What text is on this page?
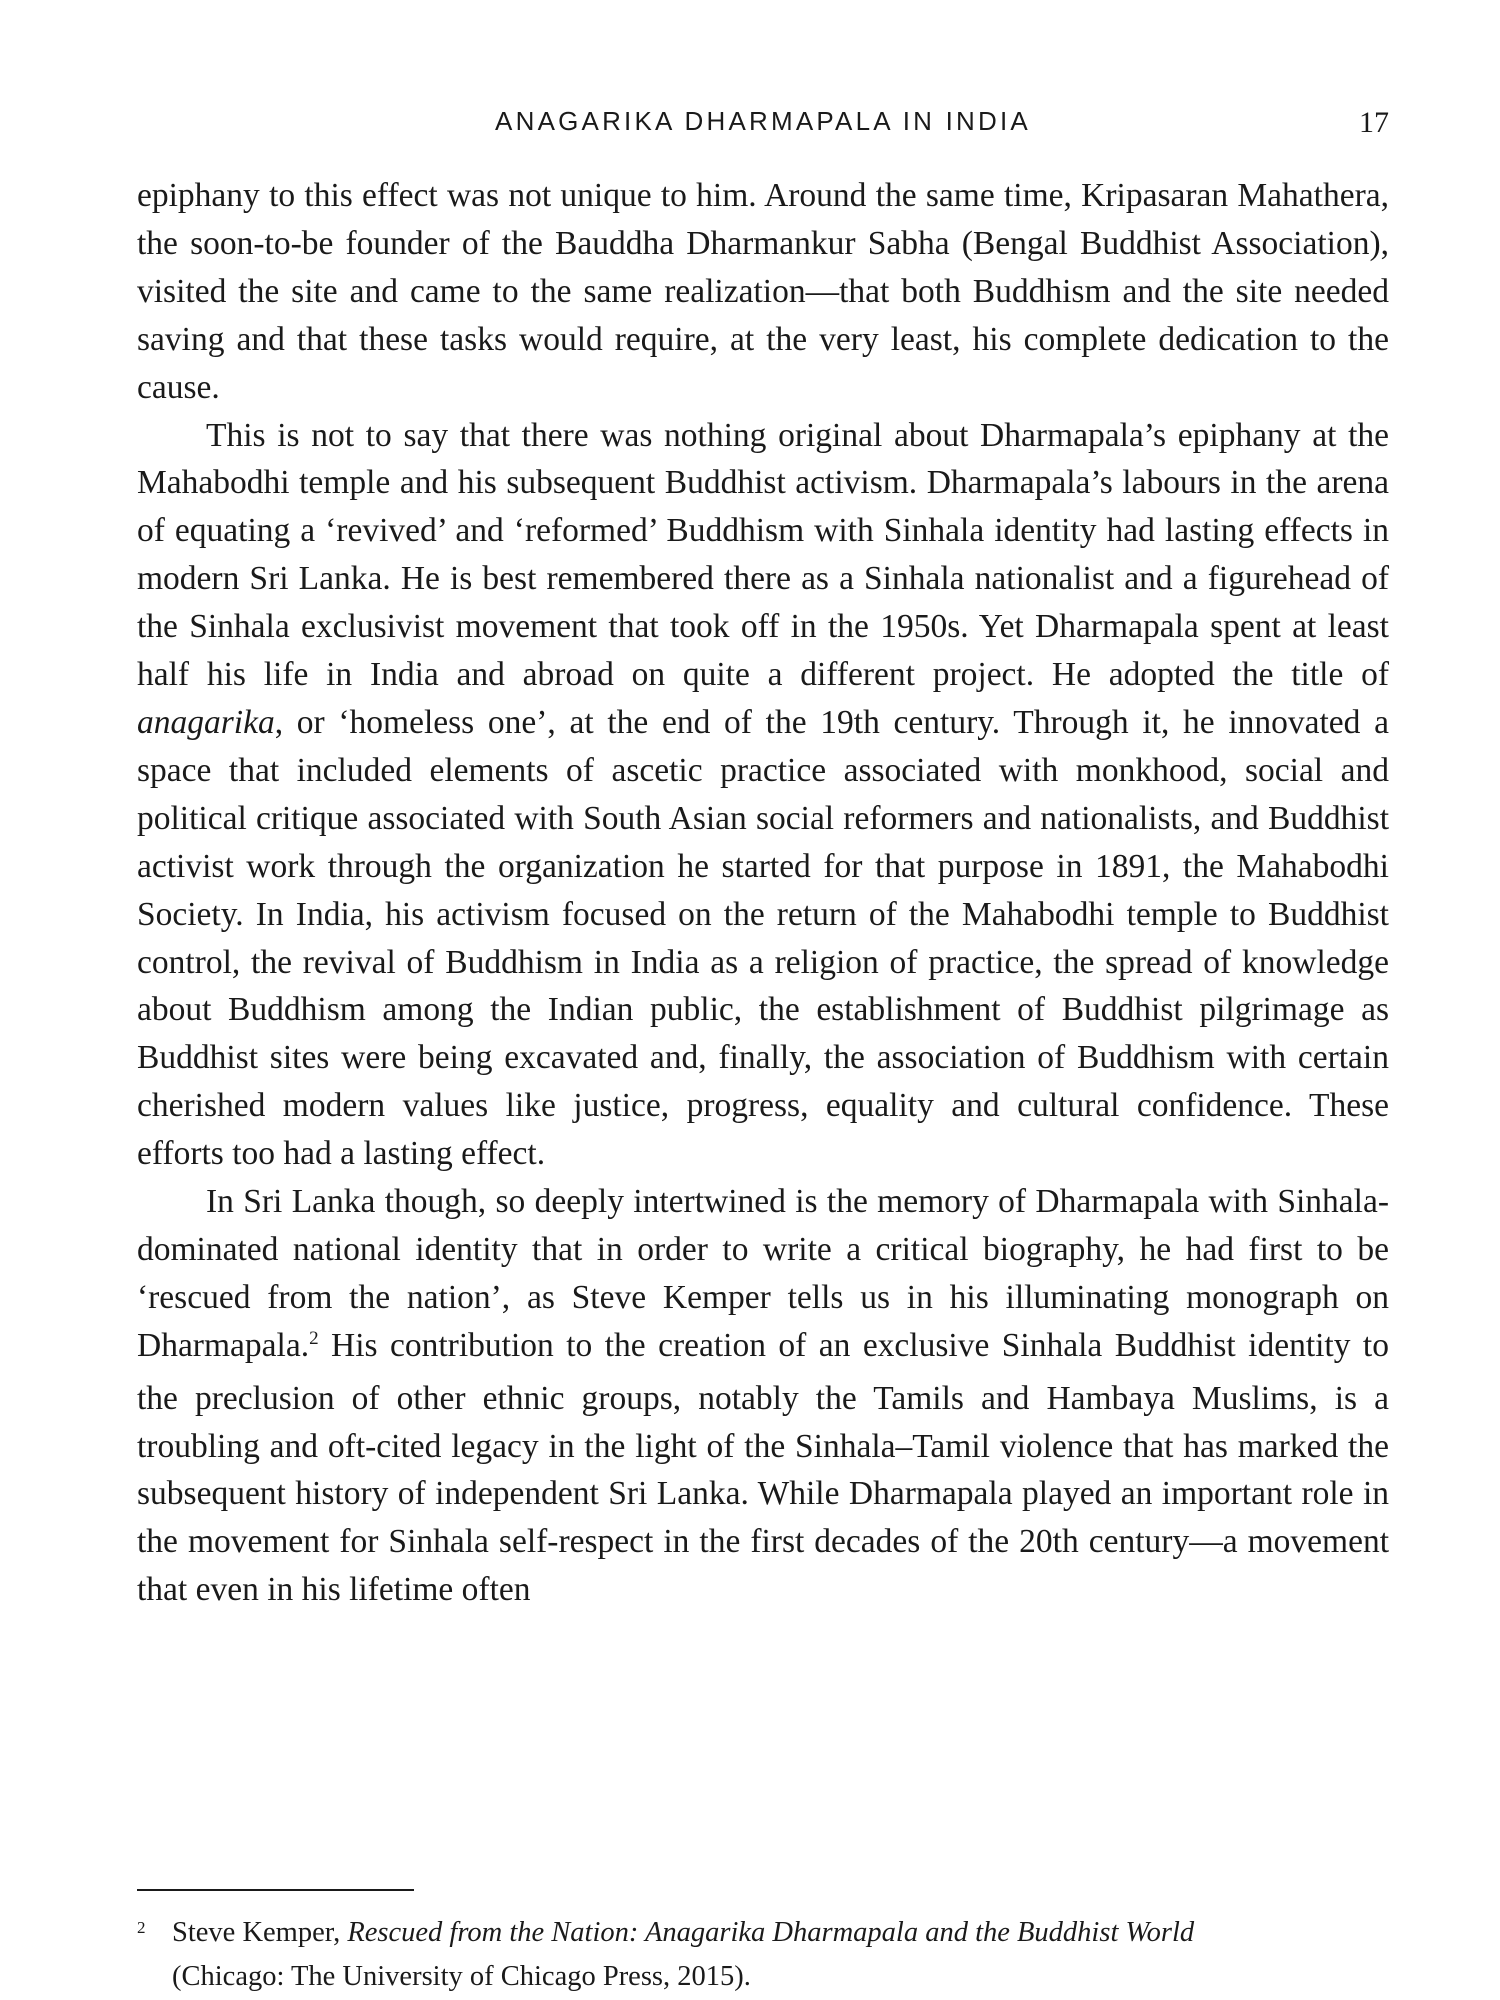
ANAGARIKA DHARMAPALA IN INDIA	17

epiphany to this effect was not unique to him. Around the same time, Kripasaran Mahathera, the soon-to-be founder of the Bauddha Dharmankur Sabha (Bengal Buddhist Association), visited the site and came to the same realization—that both Buddhism and the site needed saving and that these tasks would require, at the very least, his complete dedication to the cause.

This is not to say that there was nothing original about Dharmapala’s epiphany at the Mahabodhi temple and his subsequent Buddhist activism. Dharmapala’s labours in the arena of equating a ‘revived’ and ‘reformed’ Buddhism with Sinhala identity had lasting effects in modern Sri Lanka. He is best remembered there as a Sinhala nationalist and a figurehead of the Sinhala exclusivist movement that took off in the 1950s. Yet Dharmapala spent at least half his life in India and abroad on quite a different project. He adopted the title of anagarika, or ‘homeless one’, at the end of the 19th century. Through it, he innovated a space that included elements of ascetic practice associated with monkhood, social and political critique associated with South Asian social reformers and nationalists, and Buddhist activist work through the organization he started for that purpose in 1891, the Mahabodhi Society. In India, his activism focused on the return of the Mahabodhi temple to Buddhist control, the revival of Buddhism in India as a religion of practice, the spread of knowledge about Buddhism among the Indian public, the establishment of Buddhist pilgrimage as Buddhist sites were being excavated and, finally, the association of Buddhism with certain cherished modern values like justice, progress, equality and cultural confidence. These efforts too had a lasting effect.

In Sri Lanka though, so deeply intertwined is the memory of Dharmapala with Sinhala-dominated national identity that in order to write a critical biography, he had first to be ‘rescued from the nation’, as Steve Kemper tells us in his illuminating monograph on Dharmapala.$^2$ His contribution to the creation of an exclusive Sinhala Buddhist identity to the preclusion of other ethnic groups, notably the Tamils and Hambaya Muslims, is a troubling and oft-cited legacy in the light of the Sinhala–Tamil violence that has marked the subsequent history of independent Sri Lanka. While Dharmapala played an important role in the movement for Sinhala self-respect in the first decades of the 20th century—a movement that even in his lifetime often

2 Steve Kemper, Rescued from the Nation: Anagarika Dharmapala and the Buddhist World
(Chicago: The University of Chicago Press, 2015).
